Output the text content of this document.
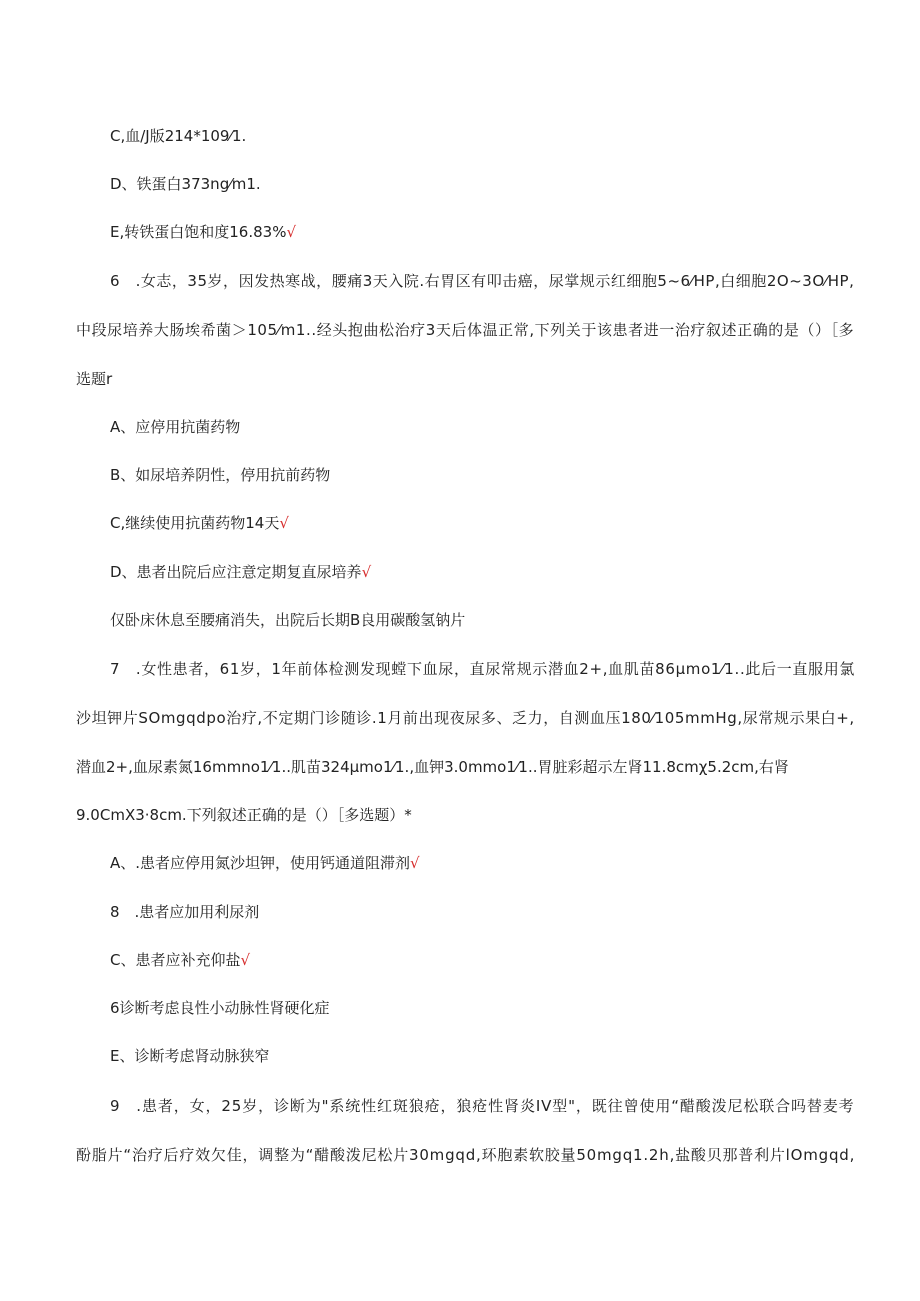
C,血/J版214*109⁄1.
D、铁蛋白373ng⁄m1.
E,转铁蛋白饱和度16.83%√
6　.女志，35岁，因发热寒战，腰痛3天入院.右胃区有叩击癌，尿掌规示红细胞5~6⁄HP,白细胞2O~3O⁄HP,
中段尿培养大肠埃希菌＞105⁄m1..经头抱曲松治疗3天后体温正常,下列关于该患者进一治疗叙述正确的是（）［多
选题r
A、应停用抗菌药物
B、如尿培养阴性，停用抗前药物
C,继续使用抗菌药物14天√
D、患者出院后应注意定期复直尿培养√
仅卧床休息至腰痛消失，出院后长期B良用碳酸氢钠片
7　.女性患者，61岁，1年前体检测发现螳下血尿，直尿常规示潜血2+,血肌苗86μmo1⁄1..此后一直服用氯
沙坦钾片SOmgqdpo治疗,不定期门诊随诊.1月前出现夜尿多、乏力，自测血压180⁄105mmHg,尿常规示果白+,
潜血2+,血尿素氮16mmno1⁄1..肌苗324μmo1⁄1.,血钾3.0mmo1⁄1..胃脏彩超示左肾11.8cmχ5.2cm,右肾
9.0CmX3·8cm.下列叙述正确的是（）［多选题）*
A、.患者应停用氮沙坦钾，使用钙通道阻滞剂√
8　.患者应加用利尿剂
C、患者应补充仰盐√
6诊断考虑良性小动脉性肾硬化症
E、诊断考虑肾动脉狭窄
9　.患者，女，25岁，诊断为"系统性红斑狼疮，狼疮性肾炎IV型"，既往曾使用“醋酸泼尼松联合吗替麦考
酚脂片“治疗后疗效欠佳，调整为“醋酸泼尼松片30mgqd,环胞素软胶量50mgq1.2h,盐酸贝那普利片lOmgqd,
